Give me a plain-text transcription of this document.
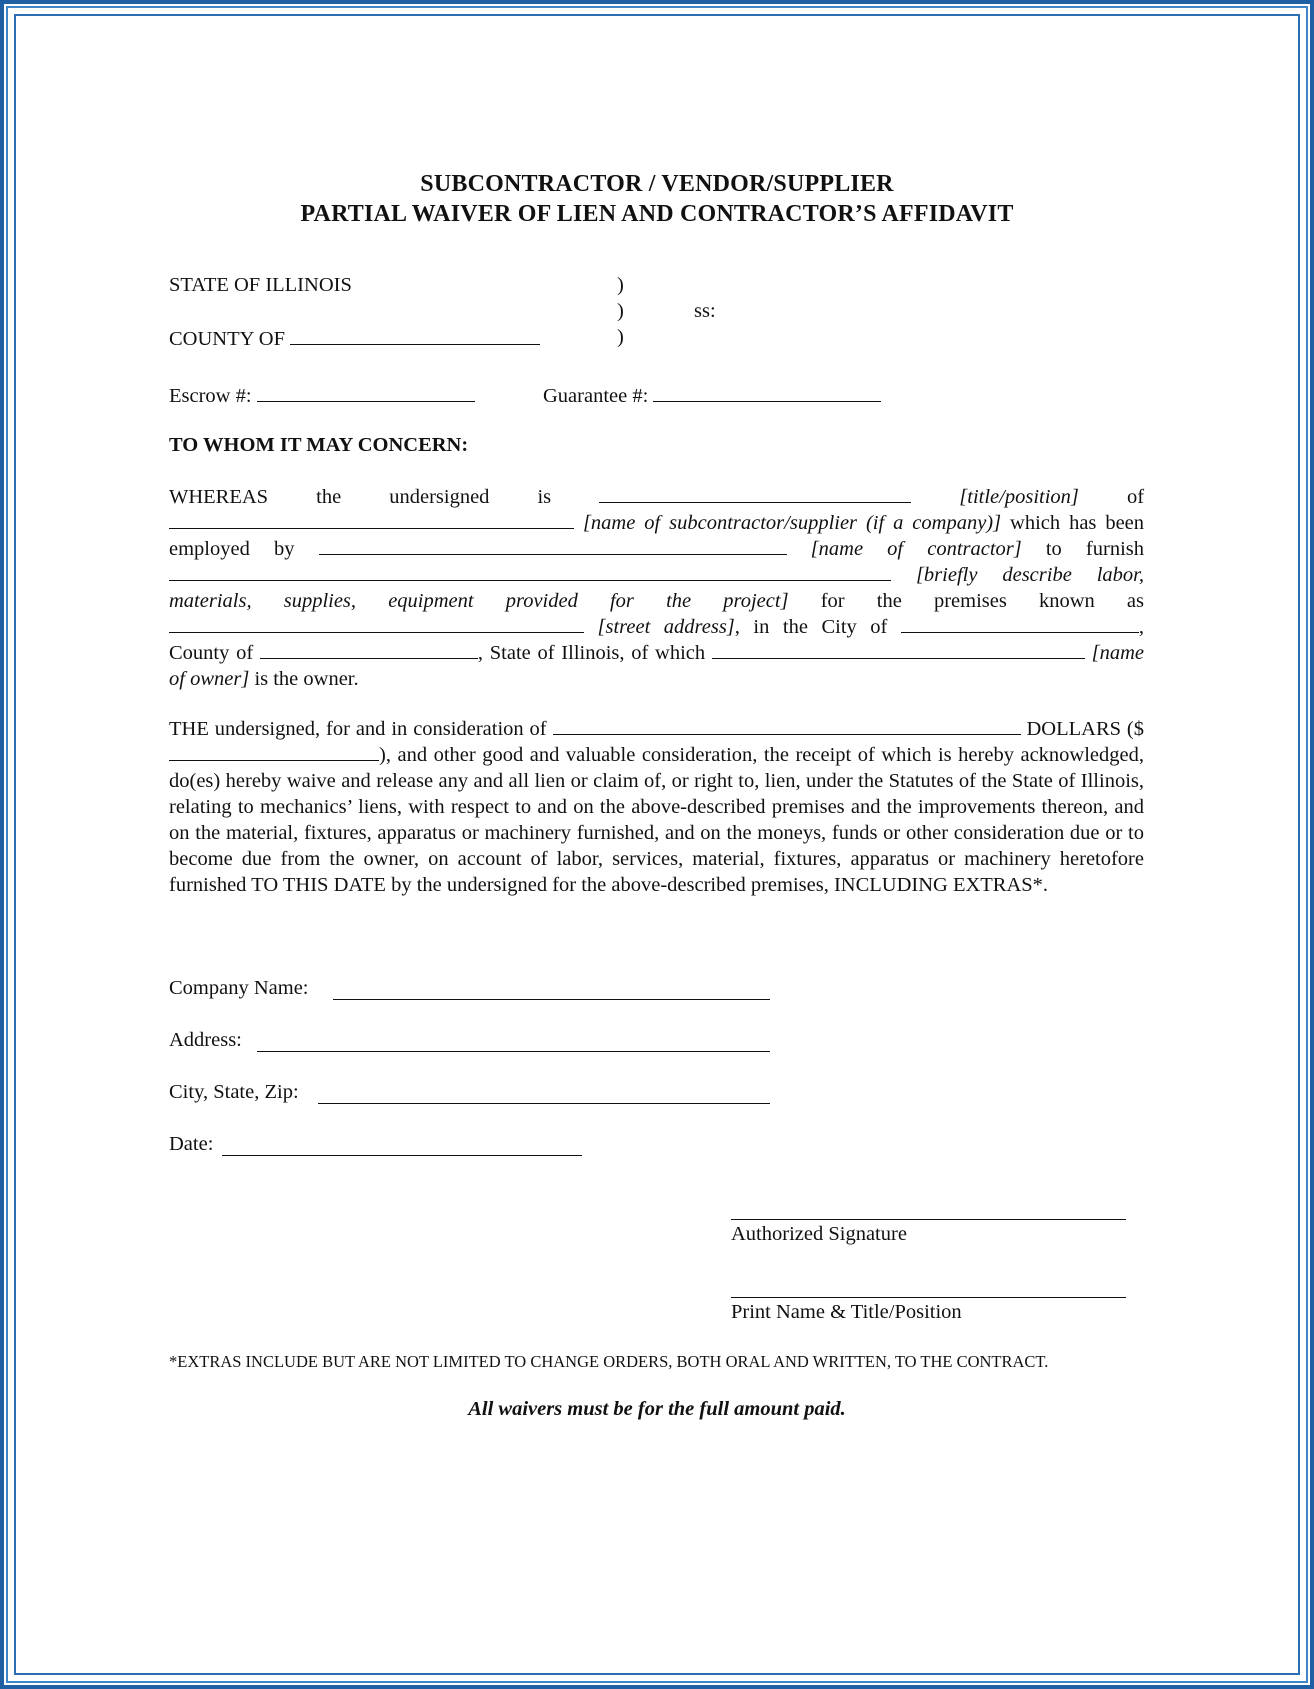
SUBCONTRACTOR / VENDOR/SUPPLIER
PARTIAL WAIVER OF LIEN AND CONTRACTOR’S AFFIDAVIT
STATE OF ILLINOIS	)
)	ss:
)
COUNTY OF
Escrow #:	Guarantee #:
TO WHOM IT MAY CONCERN:
WHEREAS the undersigned is	[title/position] of  [name of subcontractor/supplier (if a company)] which has been employed by	[name of contractor] to furnish  [briefly describe labor, materials, supplies, equipment provided for the project] for the premises known as  [street address], in the City of	, County of	, State of Illinois, of which	[name of owner] is the owner.
THE undersigned, for and in consideration of	DOLLARS ($), and other good and valuable consideration, the receipt of which is hereby acknowledged, do(es) hereby waive and release any and all lien or claim of, or right to, lien, under the Statutes of the State of Illinois, relating to mechanics’ liens, with respect to and on the above-described premises and the improvements thereon, and on the material, fixtures, apparatus or machinery furnished, and on the moneys, funds or other consideration due or to become due from the owner, on account of labor, services, material, fixtures, apparatus or machinery heretofore furnished TO THIS DATE by the undersigned for the above-described premises, INCLUDING EXTRAS*.
Company Name:
Address:
City, State, Zip:
Date:
Authorized Signature
Print Name & Title/Position
*EXTRAS INCLUDE BUT ARE NOT LIMITED TO CHANGE ORDERS, BOTH ORAL AND WRITTEN, TO THE CONTRACT.
All waivers must be for the full amount paid.
